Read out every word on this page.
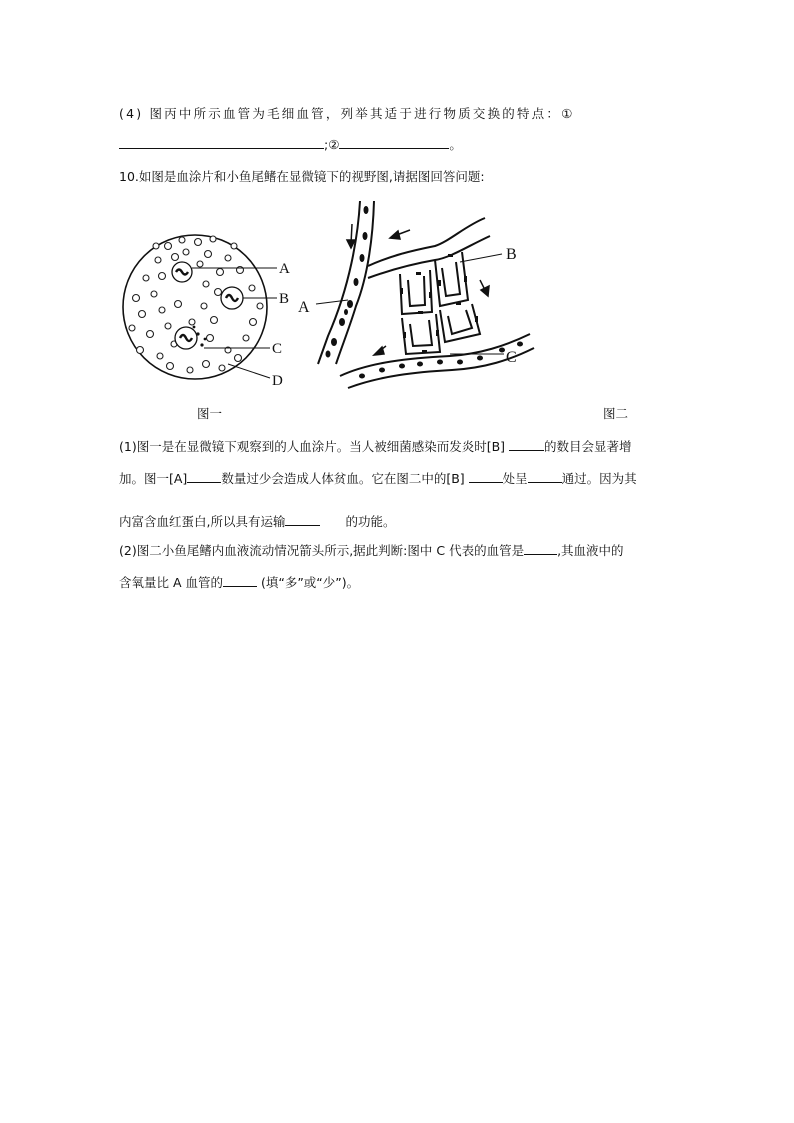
(4) 图丙中所示血管为毛细血管，列举其适于进行物质交换的特点：①
;②	。
10.如图是血涂片和小鱼尾鳍在显微镜下的视野图,请据图回答问题:
A
B
C
D
A
B
C
图一	图二
(1)图一是在显微镜下观察到的人血涂片。当人被细菌感染而发炎时[B]	的数目会显著增
加。图一[A]	数量过少会造成人体贫血。它在图二中的[B]	处呈	通过。因为其
内富含血红蛋白,所以具有运输	的功能。
(2)图二小鱼尾鳍内血液流动情况箭头所示,据此判断:图中 C 代表的血管是	,其血液中的
含氧量比 A 血管的	(填“多”或“少”)。
